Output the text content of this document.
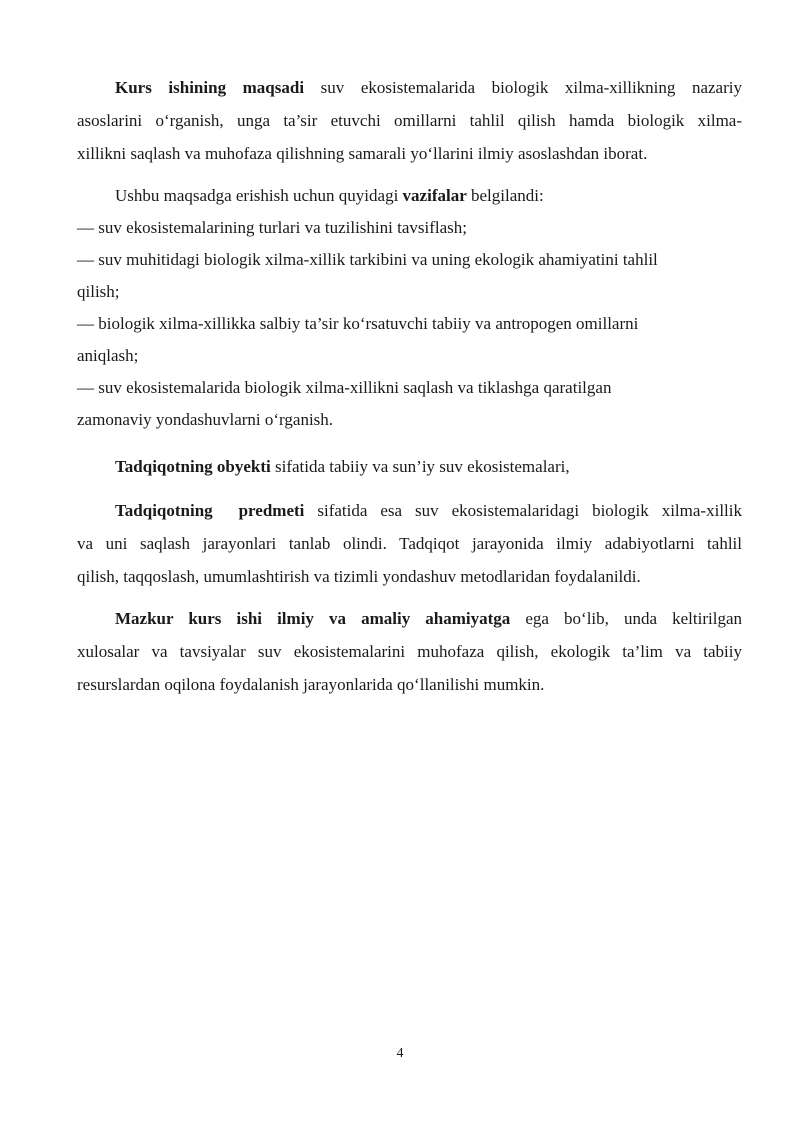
Kurs ishining maqsadi suv ekosistemalarida biologik xilma-xillikning nazariy
asoslarini o‘rganish, unga ta’sir etuvchi omillarni tahlil qilish hamda biologik xilma-
xillikni saqlash va muhofaza qilishning samarali yo‘llarini ilmiy asoslashdan iborat.
Ushbu maqsadga erishish uchun quyidagi vazifalar belgilandi:
— suv ekosistemalarining turlari va tuzilishini tavsiflash;
— suv muhitidagi biologik xilma-xillik tarkibini va uning ekologik ahamiyatini tahlil
qilish;
— biologik xilma-xillikka salbiy ta’sir ko‘rsatuvchi tabiiy va antropogen omillarni
aniqlash;
— suv ekosistemalarida biologik xilma-xillikni saqlash va tiklashga qaratilgan
zamonaviy yondashuvlarni o‘rganish.
Tadqiqotning obyekti sifatida tabiiy va sun’iy suv ekosistemalari,
Tadqiqotning  predmeti sifatida esa suv ekosistemalaridagi biologik xilma-xillik
va uni saqlash jarayonlari tanlab olindi. Tadqiqot jarayonida ilmiy adabiyotlarni tahlil
qilish, taqqoslash, umumlashtirish va tizimli yondashuv metodlaridan foydalanildi.
Mazkur kurs ishi ilmiy va amaliy ahamiyatga ega bo‘lib, unda keltirilgan
xulosalar va tavsiyalar suv ekosistemalarini muhofaza qilish, ekologik ta’lim va tabiiy
resurslardan oqilona foydalanish jarayonlarida qo‘llanilishi mumkin.
4
